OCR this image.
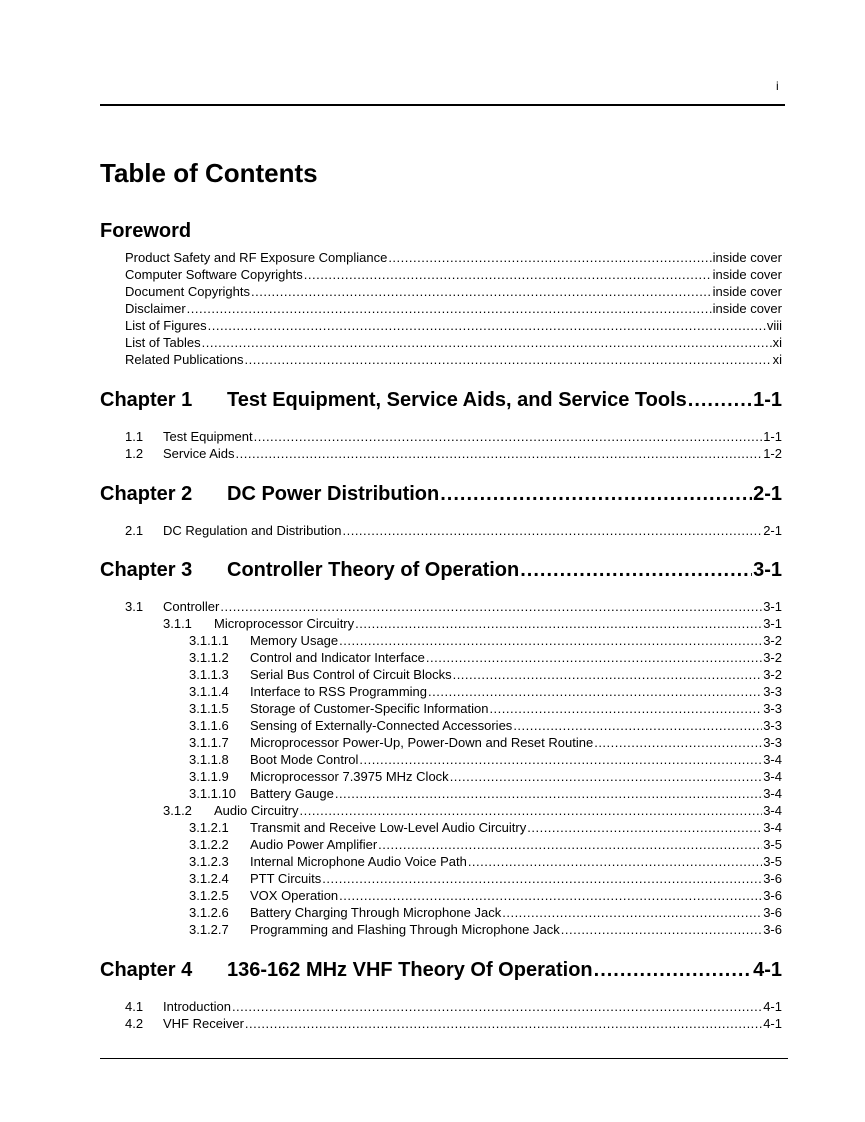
i
Table of Contents
Foreword
Product Safety and RF Exposure Compliance .....	inside cover
Computer Software Copyrights .....	inside cover
Document Copyrights .....	inside cover
Disclaimer .....	inside cover
List of Figures .....	viii
List of Tables .....	xi
Related Publications .....	xi
Chapter 1	Test Equipment, Service Aids, and Service Tools .....	1-1
1.1	Test Equipment .....	1-1
1.2	Service Aids .....	1-2
Chapter 2	DC Power Distribution .....	2-1
2.1	DC Regulation and Distribution .....	2-1
Chapter 3	Controller Theory of Operation .....	3-1
3.1	Controller .....	3-1
3.1.1	Microprocessor Circuitry .....	3-1
3.1.1.1	Memory Usage .....	3-2
3.1.1.2	Control and Indicator Interface .....	3-2
3.1.1.3	Serial Bus Control of Circuit Blocks .....	3-2
3.1.1.4	Interface to RSS Programming .....	3-3
3.1.1.5	Storage of Customer-Specific Information .....	3-3
3.1.1.6	Sensing of Externally-Connected Accessories .....	3-3
3.1.1.7	Microprocessor Power-Up, Power-Down and Reset Routine .....	3-3
3.1.1.8	Boot Mode Control .....	3-4
3.1.1.9	Microprocessor 7.3975 MHz Clock .....	3-4
3.1.1.10	Battery Gauge .....	3-4
3.1.2	Audio Circuitry .....	3-4
3.1.2.1	Transmit and Receive Low-Level Audio Circuitry .....	3-4
3.1.2.2	Audio Power Amplifier .....	3-5
3.1.2.3	Internal Microphone Audio Voice Path .....	3-5
3.1.2.4	PTT Circuits .....	3-6
3.1.2.5	VOX Operation .....	3-6
3.1.2.6	Battery Charging Through Microphone Jack .....	3-6
3.1.2.7	Programming and Flashing Through Microphone Jack .....	3-6
Chapter 4	136-162 MHz VHF Theory Of Operation .....	4-1
4.1	Introduction .....	4-1
4.2	VHF Receiver .....	4-1
